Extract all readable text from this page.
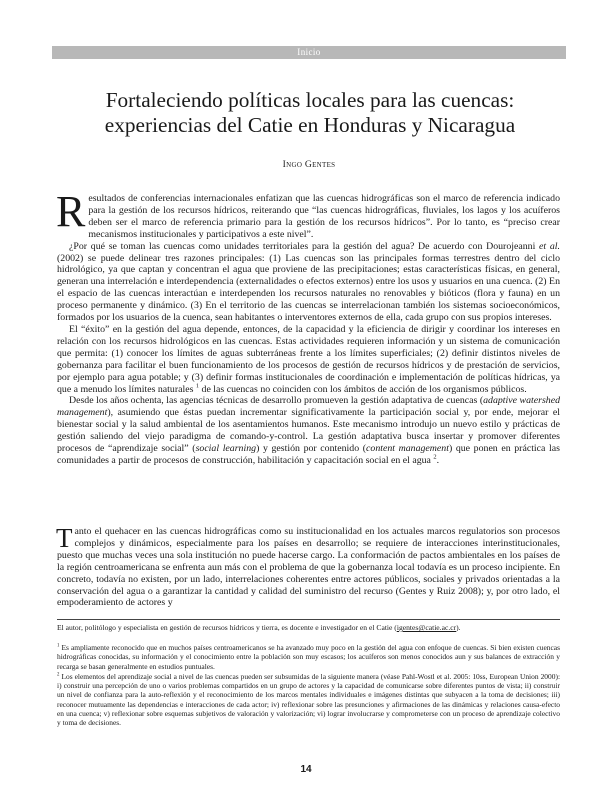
Inicio
Fortaleciendo políticas locales para las cuencas:
experiencias del Catie en Honduras y Nicaragua
Ingo Gentes

Resultados de conferencias internacionales enfatizan que las cuencas hidrográficas son el marco de referencia indicado para la gestión de los recursos hídricos, reiterando que “las cuencas hidrográficas, fluviales, los lagos y los acuíferos deben ser el marco de referencia primario para la gestión de los recursos hídricos”. Por lo tanto, es “preciso crear mecanismos institucionales y participativos a este nivel”.

¿Por qué se toman las cuencas como unidades territoriales para la gestión del agua? De acuerdo con Dourojeanni et al. (2002) se puede delinear tres razones principales: (1) Las cuencas son las principales formas terrestres dentro del ciclo hidrológico, ya que captan y concentran el agua que proviene de las precipitaciones; estas características físicas, en general, generan una interrelación e interdependencia (externalidades o efectos externos) entre los usos y usuarios en una cuenca. (2) En el espacio de las cuencas interactúan e interdependen los recursos naturales no renovables y bióticos (flora y fauna) en un proceso permanente y dinámico. (3) En el territorio de las cuencas se interrelacionan también los sistemas socioeconómicos, formados por los usuarios de la cuenca, sean habitantes o interventores externos de ella, cada grupo con sus propios intereses.

El “éxito” en la gestión del agua depende, entonces, de la capacidad y la eficiencia de dirigir y coordinar los intereses en relación con los recursos hidrológicos en las cuencas. Estas actividades requieren información y un sistema de comunicación que permita: (1) conocer los límites de aguas subterráneas frente a los límites superficiales; (2) definir distintos niveles de gobernanza para facilitar el buen funcionamiento de los procesos de gestión de recursos hídricos y de prestación de servicios, por ejemplo para agua potable; y (3) definir formas institucionales de coordinación e implementación de políticas hídricas, ya que a menudo los límites naturales $^1$ de las cuencas no coinciden con los ámbitos de acción de los organismos públicos.

Desde los años ochenta, las agencias técnicas de desarrollo promueven la gestión adaptativa de cuencas (adaptive watershed management), asumiendo que éstas puedan incrementar significativamente la participación social y, por ende, mejorar el bienestar social y la salud ambiental de los asentamientos humanos. Este mecanismo introdujo un nuevo estilo y prácticas de gestión saliendo del viejo paradigma de comando-y-control. La gestión adaptativa busca insertar y promover diferentes procesos de “aprendizaje social” (social learning) y gestión por contenido (content management) que ponen en práctica las comunidades a partir de procesos de construcción, habilitación y capacitación social en el agua $^2$.

Tanto el quehacer en las cuencas hidrográficas como su institucionalidad en los actuales marcos regulatorios son procesos complejos y dinámicos, especialmente para los países en desarrollo; se requiere de interacciones interinstitucionales, puesto que muchas veces una sola institución no puede hacerse cargo. La conformación de pactos ambientales en los países de la región centroamericana se enfrenta aun más con el problema de que la gobernanza local todavía es un proceso incipiente. En concreto, todavía no existen, por un lado, interrelaciones coherentes entre actores públicos, sociales y privados orientadas a la conservación del agua o a garantizar la cantidad y calidad del suministro del recurso (Gentes y Ruiz 2008); y, por otro lado, el empoderamiento de actores y

El autor, politólogo y especialista en gestión de recursos hídricos y tierra, es docente e investigador en el Catie (igentes@catie.ac.cr).

$^1$ Es ampliamente reconocido que en muchos países centroamericanos se ha avanzado muy poco en la gestión del agua con enfoque de cuencas. Si bien existen cuencas hidrográficas conocidas, su información y el conocimiento entre la población son muy escasos; los acuíferos son menos conocidos aun y sus balances de extracción y recarga se basan generalmente en estudios puntuales.

$^2$ Los elementos del aprendizaje social a nivel de las cuencas pueden ser subsumidas de la siguiente manera (véase Pahl-Wostl et al. 2005: 10ss, European Union 2000): i) construir una percepción de uno o varios problemas compartidos en un grupo de actores y la capacidad de comunicarse sobre diferentes puntos de vista; ii) construir un nivel de confianza para la auto-reflexión y el reconocimiento de los marcos mentales individuales e imágenes distintas que subyacen a la toma de decisiones; iii) reconocer mutuamente las dependencias e interacciones de cada actor; iv) reflexionar sobre las presunciones y afirmaciones de las dinámicas y relaciones causa-efecto en una cuenca; v) reflexionar sobre esquemas subjetivos de valoración y valorización; vi) lograr involucrarse y comprometerse con un proceso de aprendizaje colectivo y toma de decisiones.

14
